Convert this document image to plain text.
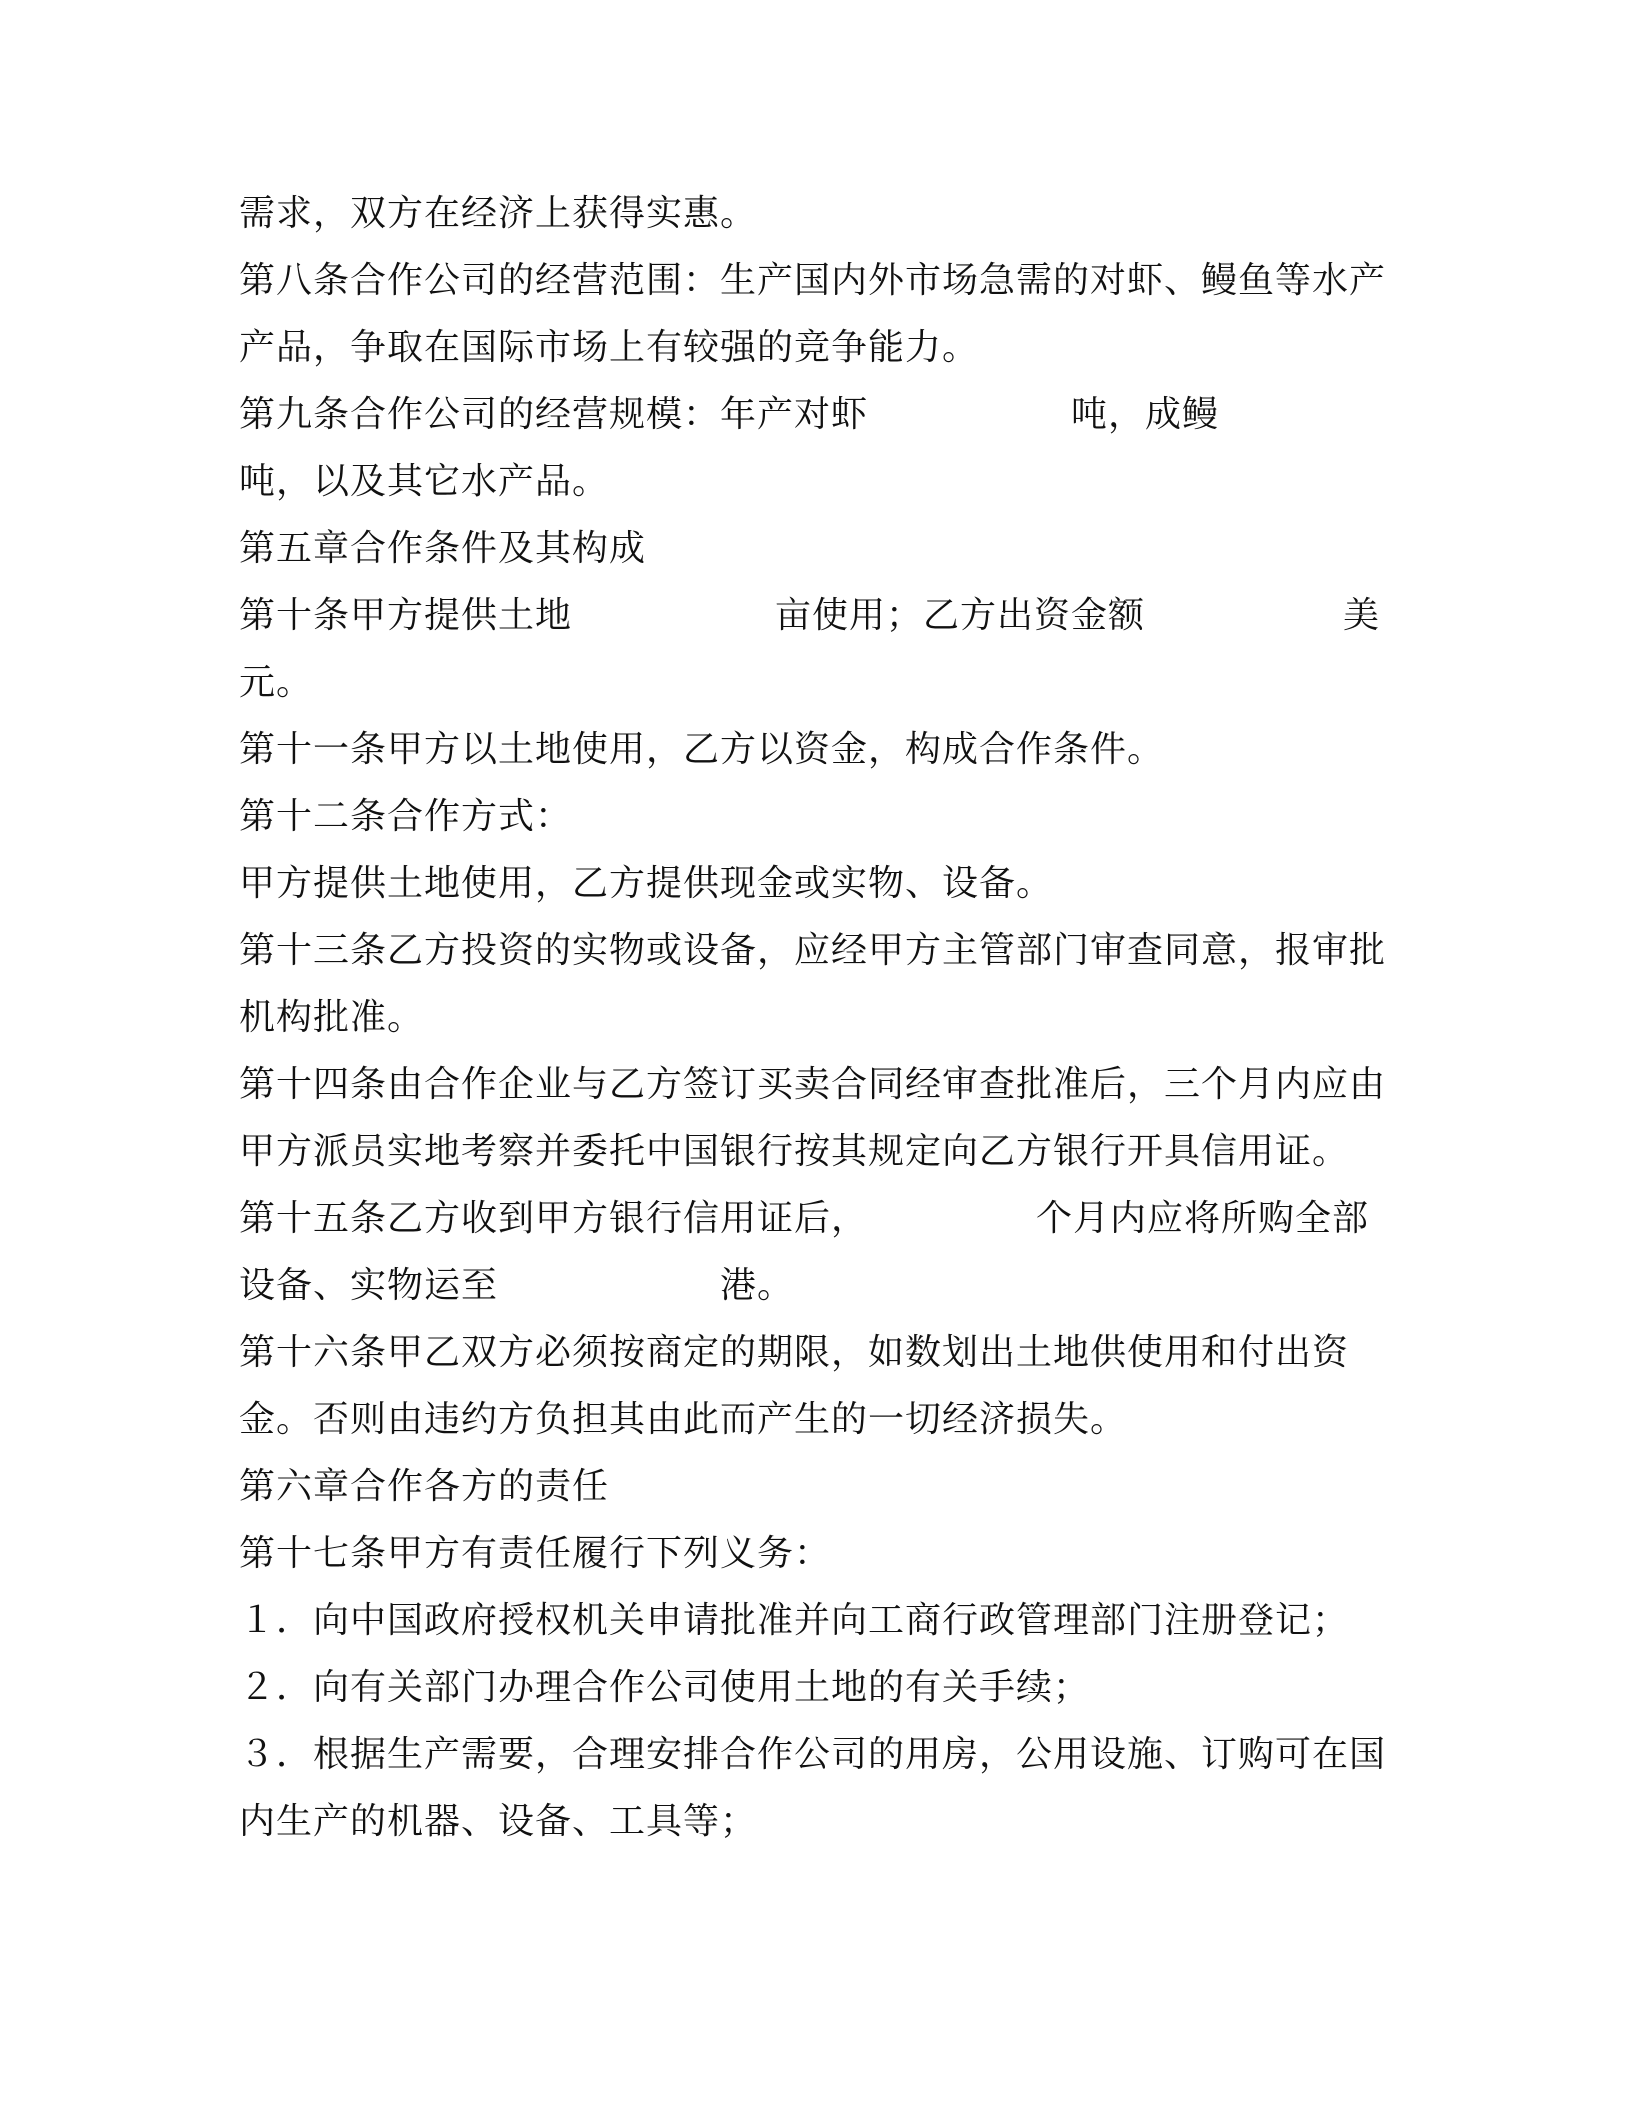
需求，双方在经济上获得实惠。
第八条合作公司的经营范围：生产国内外市场急需的对虾、鳗鱼等水产
产品，争取在国际市场上有较强的竞争能力。

第九条合作公司的经营规模：年产对虾

	吨，成鳗

吨，以及其它水产品。
第五章合作条件及其构成

第十条甲方提供土地

	亩使用；乙方出资金额

	美

元。
第十一条甲方以土地使用，乙方以资金，构成合作条件。
第十二条合作方式：
甲方提供土地使用，乙方提供现金或实物、设备。
第十三条乙方投资的实物或设备，应经甲方主管部门审查同意，报审批
机构批准。
第十四条由合作企业与乙方签订买卖合同经审查批准后，三个月内应由
甲方派员实地考察并委托中国银行按其规定向乙方银行开具信用证。

第十五条乙方收到甲方银行信用证后，

	个月内应将所购全部

设备、实物运至

	港。

第十六条甲乙双方必须按商定的期限，如数划出土地供使用和付出资
金。否则由违约方负担其由此而产生的一切经济损失。
第六章合作各方的责任
第十七条甲方有责任履行下列义务：
１．向中国政府授权机关申请批准并向工商行政管理部门注册登记；
２．向有关部门办理合作公司使用土地的有关手续；
３．根据生产需要，合理安排合作公司的用房，公用设施、订购可在国
内生产的机器、设备、工具等；
